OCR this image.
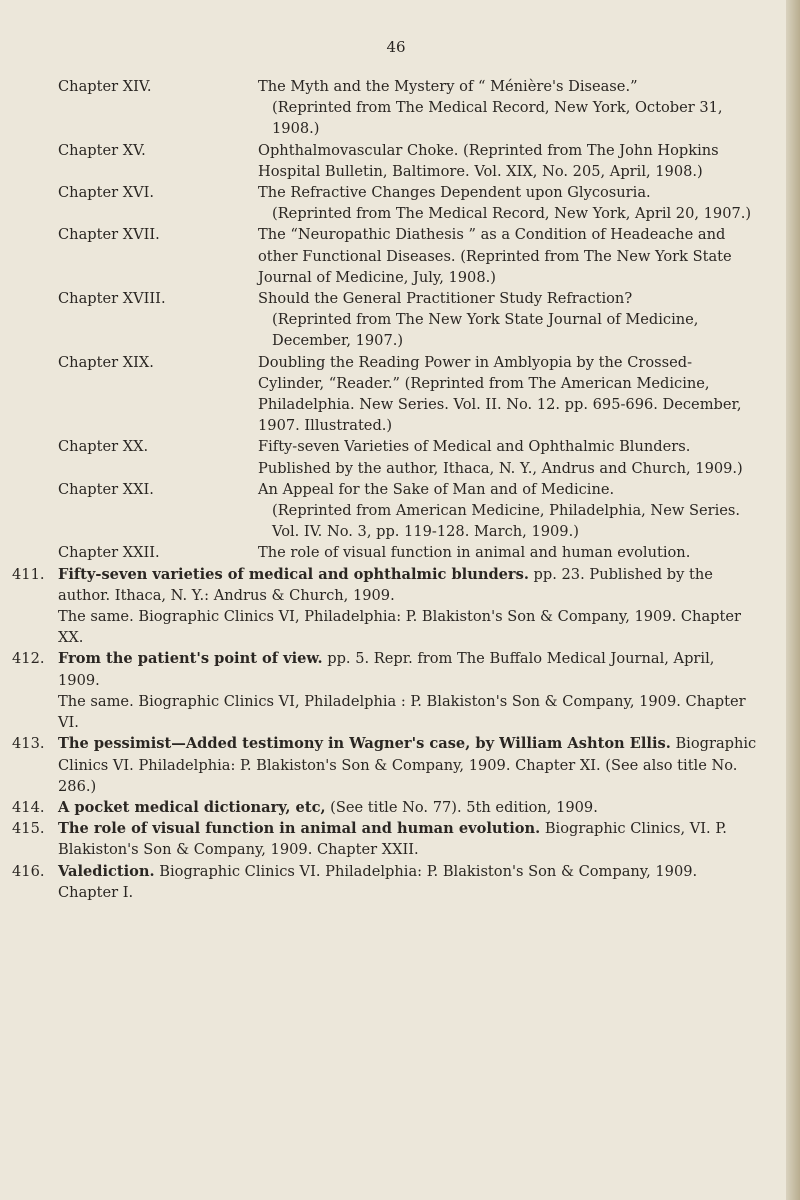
46
Chapter XIV.	The Myth and the Mystery of “ Ménière's Disease.”
(Reprinted from The Medical Record, New York, October 31, 1908.)
Chapter XV.	Ophthalmovascular Choke. (Reprinted from The John Hopkins Hospital Bulletin, Baltimore. Vol. XIX, No. 205, April, 1908.)
Chapter XVI.	The Refractive Changes Dependent upon Glycosuria.
(Reprinted from The Medical Record, New York, April 20, 1907.)
Chapter XVII.	The “Neuropathic Diathesis ” as a Condition of Headeache and other Functional Diseases. (Reprinted from The New York State Journal of Medicine, July, 1908.)
Chapter XVIII.	Should the General Practitioner Study Refraction?
(Reprinted from The New York State Journal of Medicine, December, 1907.)
Chapter XIX.	Doubling the Reading Power in Amblyopia by the Crossed-Cylinder, “Reader.” (Reprinted from The American Medicine, Philadelphia. New Series. Vol. II. No. 12. pp. 695-696. December, 1907. Illustrated.)
Chapter XX.	Fifty-seven Varieties of Medical and Ophthalmic Blunders. Published by the author, Ithaca, N. Y., Andrus and Church, 1909.)
Chapter XXI.	An Appeal for the Sake of Man and of Medicine.
(Reprinted from American Medicine, Philadelphia, New Series. Vol. IV. No. 3, pp. 119-128. March, 1909.)
Chapter XXII.	The role of visual function in animal and human evolution.
411. Fifty-seven varieties of medical and ophthalmic blunders. pp. 23. Published by the author. Ithaca, N. Y.: Andrus & Church, 1909.
The same. Biographic Clinics VI, Philadelphia: P. Blakiston's Son & Company, 1909. Chapter XX.
412. From the patient's point of view. pp. 5. Repr. from The Buffalo Medical Journal, April, 1909.
The same. Biographic Clinics VI, Philadelphia : P. Blakiston's Son & Company, 1909. Chapter VI.
413. The pessimist—Added testimony in Wagner's case, by William Ashton Ellis. Biographic Clinics VI. Philadelphia: P. Blakiston's Son & Company, 1909. Chapter XI. (See also title No. 286.)
414. A pocket medical dictionary, etc, (See title No. 77). 5th edition, 1909.
415. The role of visual function in animal and human evolution. Biographic Clinics, VI. P. Blakiston's Son & Company, 1909. Chapter XXII.
416. Valediction. Biographic Clinics VI. Philadelphia: P. Blakiston's Son & Company, 1909. Chapter I.
